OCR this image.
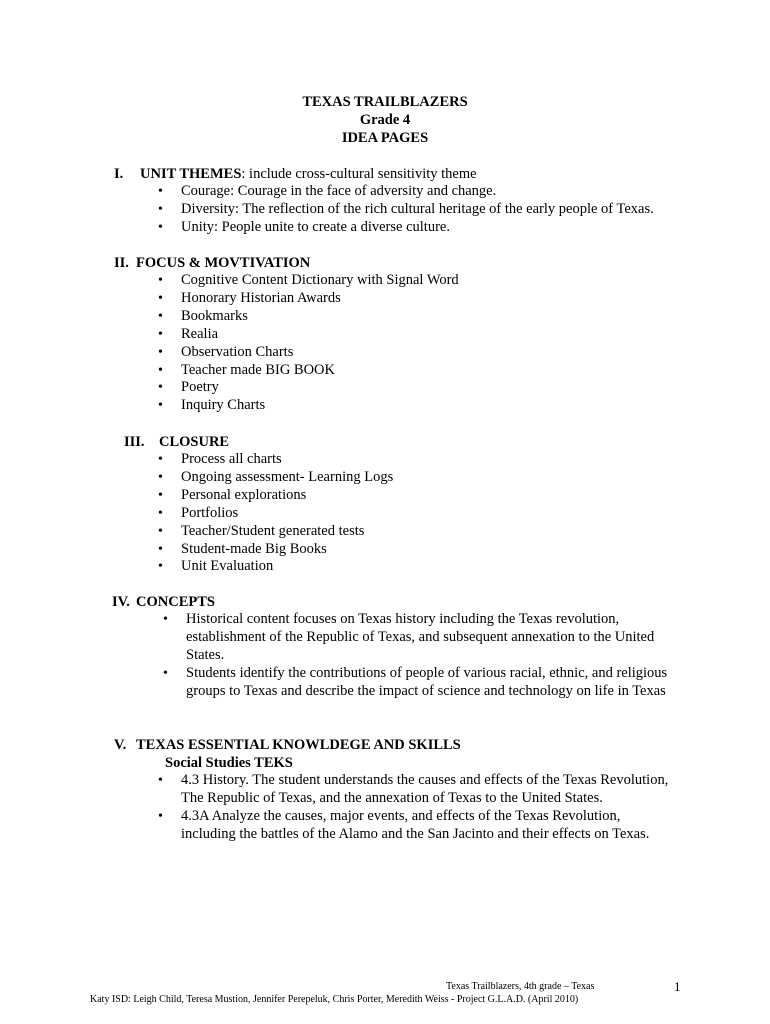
TEXAS TRAILBLAZERS
Grade 4
IDEA PAGES
I. UNIT THEMES: include cross-cultural sensitivity theme
• Courage: Courage in the face of adversity and change.
• Diversity: The reflection of the rich cultural heritage of the early people of Texas.
• Unity: People unite to create a diverse culture.
II. FOCUS & MOVTIVATION
• Cognitive Content Dictionary with Signal Word
• Honorary Historian Awards
• Bookmarks
• Realia
• Observation Charts
• Teacher made BIG BOOK
• Poetry
• Inquiry Charts
III. CLOSURE
• Process all charts
• Ongoing assessment- Learning Logs
• Personal explorations
• Portfolios
• Teacher/Student generated tests
• Student-made Big Books
• Unit Evaluation
IV. CONCEPTS
• Historical content focuses on Texas history including the Texas revolution, establishment of the Republic of Texas, and subsequent annexation to the United States.
• Students identify the contributions of people of various racial, ethnic, and religious groups to Texas and describe the impact of science and technology on life in Texas
V. TEXAS ESSENTIAL KNOWLDEGE AND SKILLS
Social Studies TEKS
• 4.3 History. The student understands the causes and effects of the Texas Revolution, The Republic of Texas, and the annexation of Texas to the United States.
• 4.3A Analyze the causes, major events, and effects of the Texas Revolution, including the battles of the Alamo and the San Jacinto and their effects on Texas.
Texas Trailblazers, 4th grade – Texas	1
Katy ISD: Leigh Child, Teresa Mustion, Jennifer Perepeluk, Chris Porter, Meredith Weiss - Project G.L.A.D. (April 2010)
